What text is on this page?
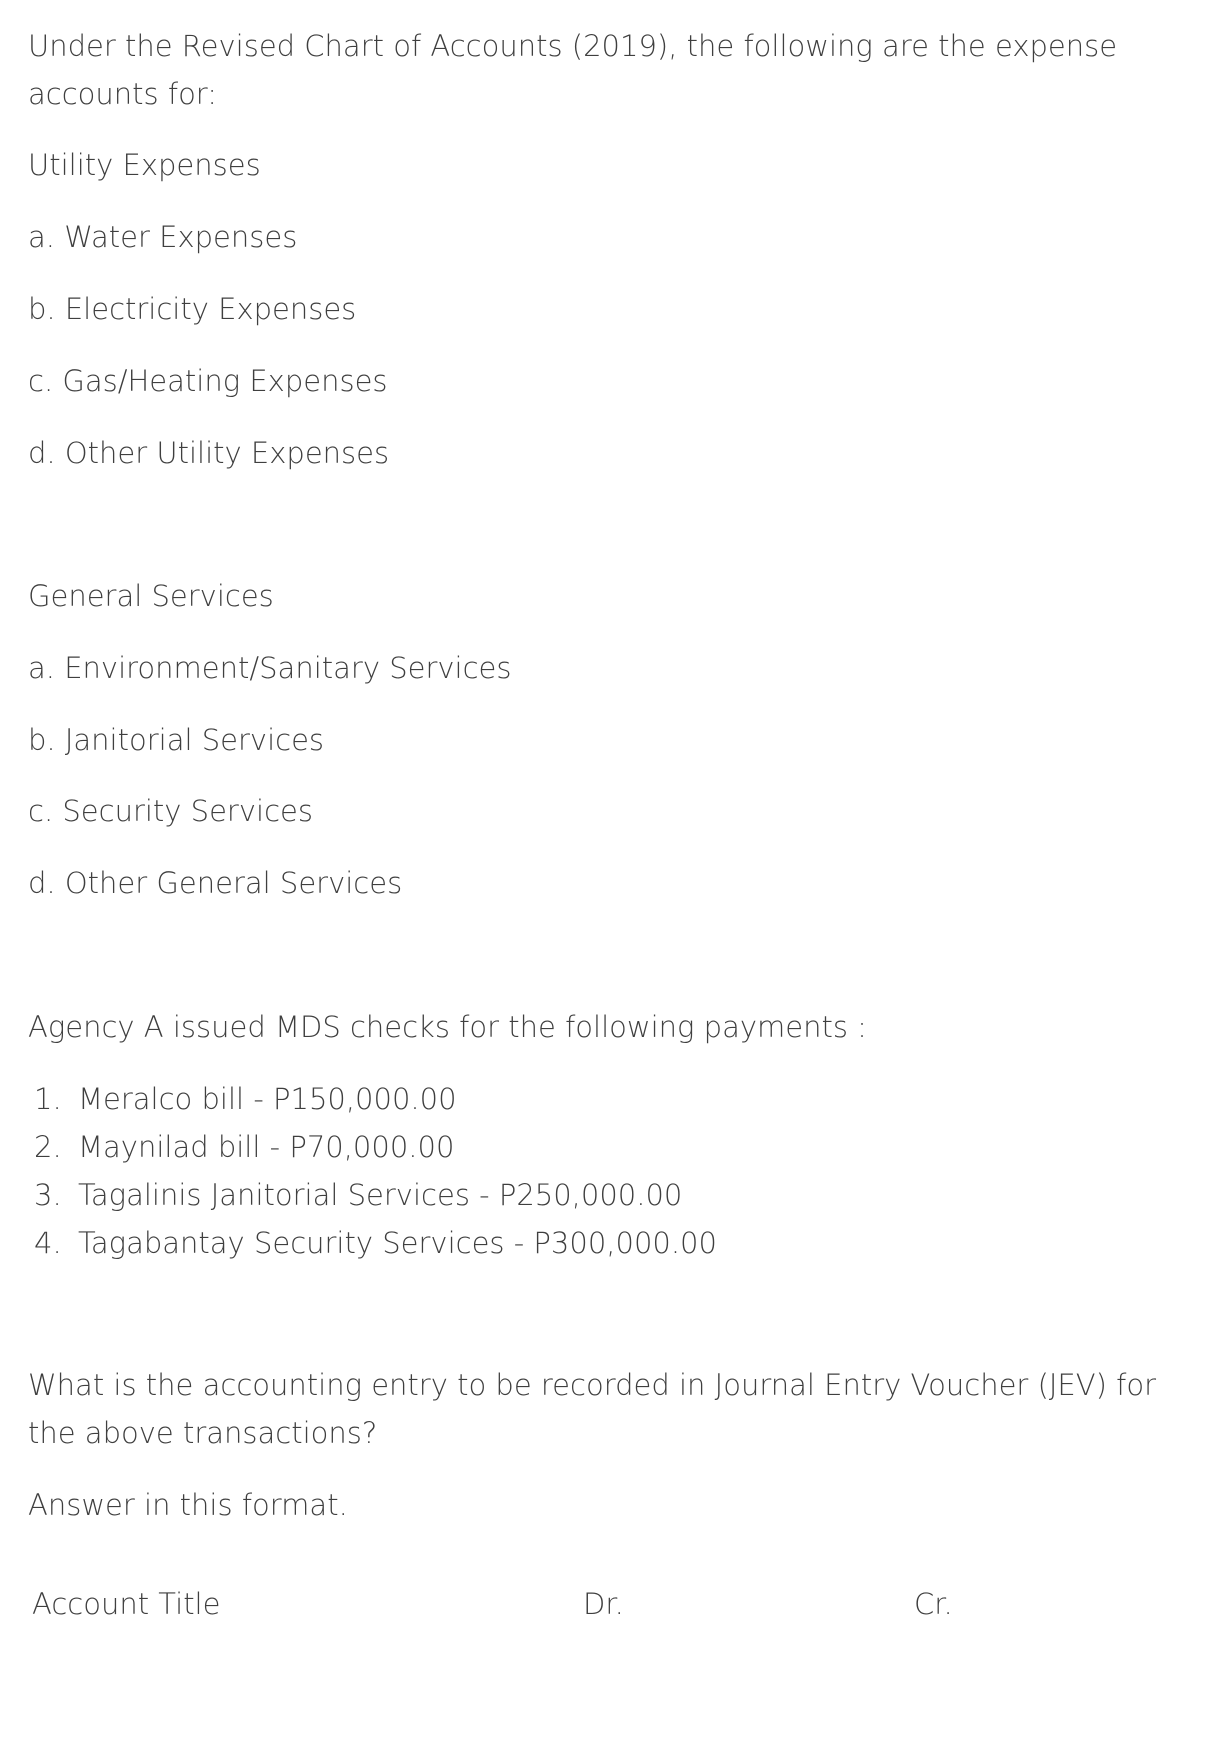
Under the Revised Chart of Accounts (2019), the following are the expense accounts for:
Utility Expenses
a. Water Expenses
b. Electricity Expenses
c. Gas/Heating Expenses
d. Other Utility Expenses
General Services
a. Environment/Sanitary Services
b. Janitorial Services
c. Security Services
d. Other General Services
Agency A issued MDS checks for the following payments :
1. Meralco bill - P150,000.00
2. Maynilad bill - P70,000.00
3. Tagalinis Janitorial Services - P250,000.00
4. Tagabantay Security Services - P300,000.00
What is the accounting entry to be recorded in Journal Entry Voucher (JEV) for the above transactions?
Answer in this format.
Account Title	Dr.	Cr.
